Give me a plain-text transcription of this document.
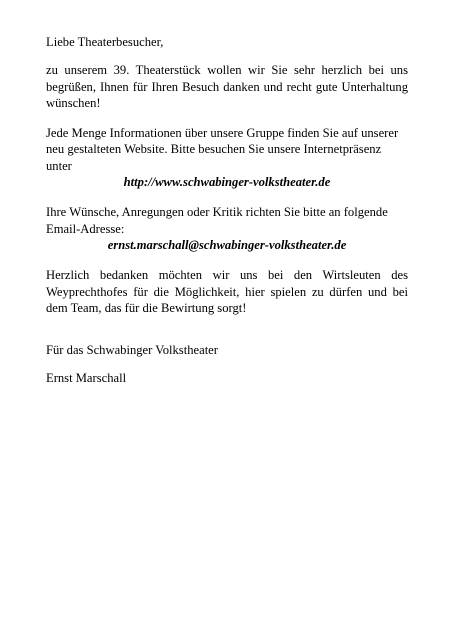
Liebe Theaterbesucher,

zu unserem 39. Theaterstück wollen wir Sie sehr herzlich bei uns begrüßen, Ihnen für Ihren Besuch danken und recht gute Unterhaltung wünschen!

Jede Menge Informationen über unsere Gruppe finden Sie auf unserer neu gestalteten Website. Bitte besuchen Sie unsere Internetpräsenz unter

http://www.schwabinger-volkstheater.de

Ihre Wünsche, Anregungen oder Kritik richten Sie bitte an folgende Email-Adresse:

ernst.marschall@schwabinger-volkstheater.de

Herzlich bedanken möchten wir uns bei den Wirtsleuten des Weyprechthofes für die Möglichkeit, hier spielen zu dürfen und bei dem Team, das für die Bewirtung sorgt!

Für das Schwabinger Volkstheater

Ernst Marschall
